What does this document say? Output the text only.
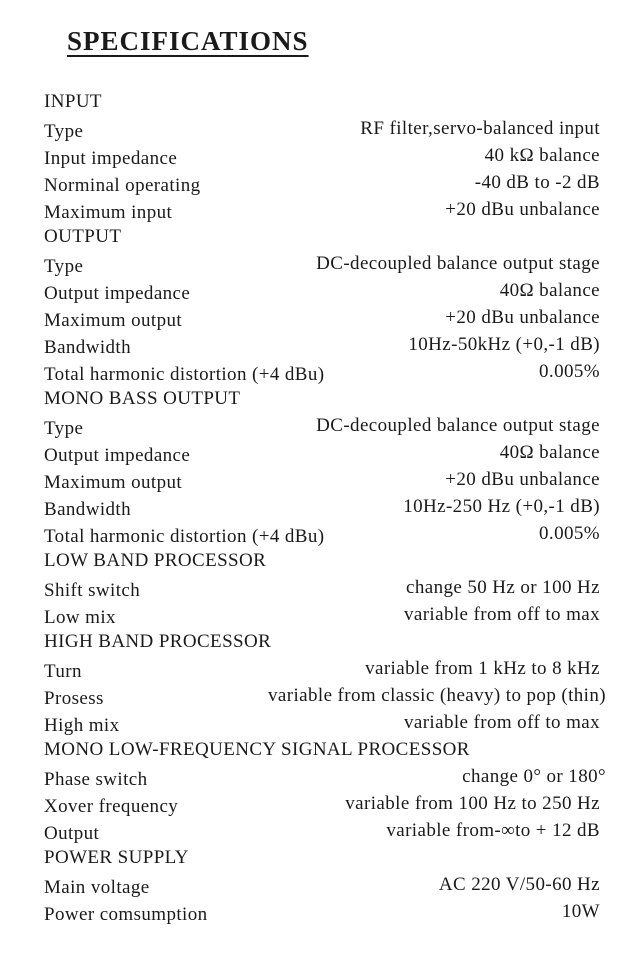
SPECIFICATIONS
INPUT
Type	RF filter,servo-balanced input
Input impedance	40 kΩ balance
Norminal operating	-40 dB to -2 dB
Maximum input	+20 dBu unbalance
OUTPUT
Type	DC-decoupled balance output stage
Output impedance	40Ω balance
Maximum output	+20 dBu unbalance
Bandwidth	10Hz-50kHz (+0,-1 dB)
Total harmonic distortion (+4 dBu)	0.005%
MONO BASS OUTPUT
Type	DC-decoupled balance output stage
Output impedance	40Ω balance
Maximum output	+20 dBu unbalance
Bandwidth	10Hz-250 Hz (+0,-1 dB)
Total harmonic distortion (+4 dBu)	0.005%
LOW BAND PROCESSOR
Shift switch	change 50 Hz or 100 Hz
Low mix	variable from off to max
HIGH BAND PROCESSOR
Turn	variable from 1 kHz to 8 kHz
Prosess	variable from classic (heavy) to pop (thin)
High mix	variable from off to max
MONO LOW-FREQUENCY SIGNAL PROCESSOR
Phase switch	change 0° or 180°
Xover frequency	variable from 100 Hz to 250 Hz
Output	variable from-∞to + 12 dB
POWER SUPPLY
Main voltage	AC 220 V/50-60 Hz
Power comsumption	10W
